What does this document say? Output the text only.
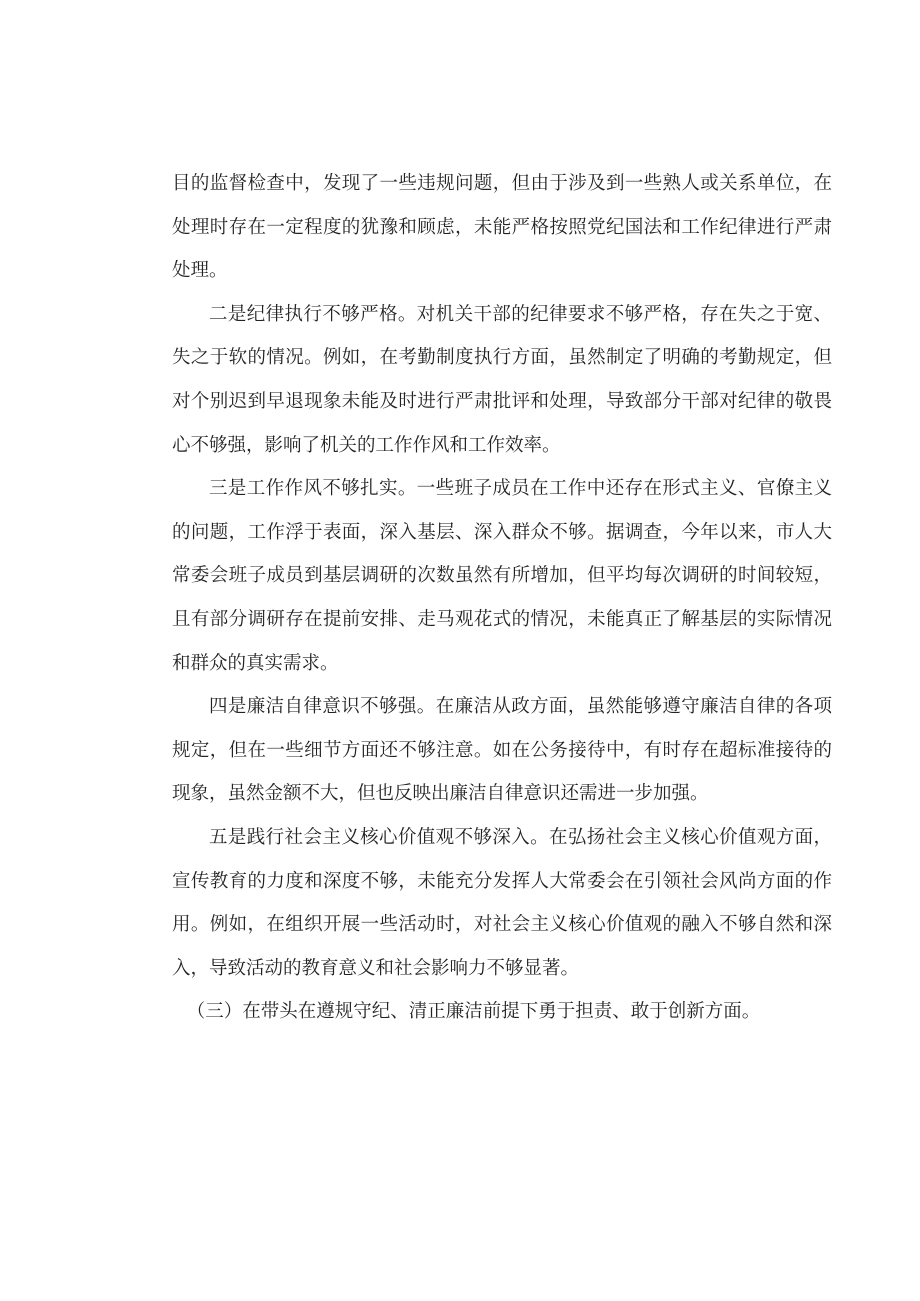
目的监督检查中，发现了一些违规问题，但由于涉及到一些熟人或关系单位，在处理时存在一定程度的犹豫和顾虑，未能严格按照党纪国法和工作纪律进行严肃处理。

二是纪律执行不够严格。对机关干部的纪律要求不够严格，存在失之于宽、失之于软的情况。例如，在考勤制度执行方面，虽然制定了明确的考勤规定，但对个别迟到早退现象未能及时进行严肃批评和处理，导致部分干部对纪律的敬畏心不够强，影响了机关的工作作风和工作效率。

三是工作作风不够扎实。一些班子成员在工作中还存在形式主义、官僚主义的问题，工作浮于表面，深入基层、深入群众不够。据调查，今年以来，市人大常委会班子成员到基层调研的次数虽然有所增加，但平均每次调研的时间较短，且有部分调研存在提前安排、走马观花式的情况，未能真正了解基层的实际情况和群众的真实需求。

四是廉洁自律意识不够强。在廉洁从政方面，虽然能够遵守廉洁自律的各项规定，但在一些细节方面还不够注意。如在公务接待中，有时存在超标准接待的现象，虽然金额不大，但也反映出廉洁自律意识还需进一步加强。

五是践行社会主义核心价值观不够深入。在弘扬社会主义核心价值观方面，宣传教育的力度和深度不够，未能充分发挥人大常委会在引领社会风尚方面的作用。例如，在组织开展一些活动时，对社会主义核心价值观的融入不够自然和深入，导致活动的教育意义和社会影响力不够显著。

（三）在带头在遵规守纪、清正廉洁前提下勇于担责、敢于创新方面。
